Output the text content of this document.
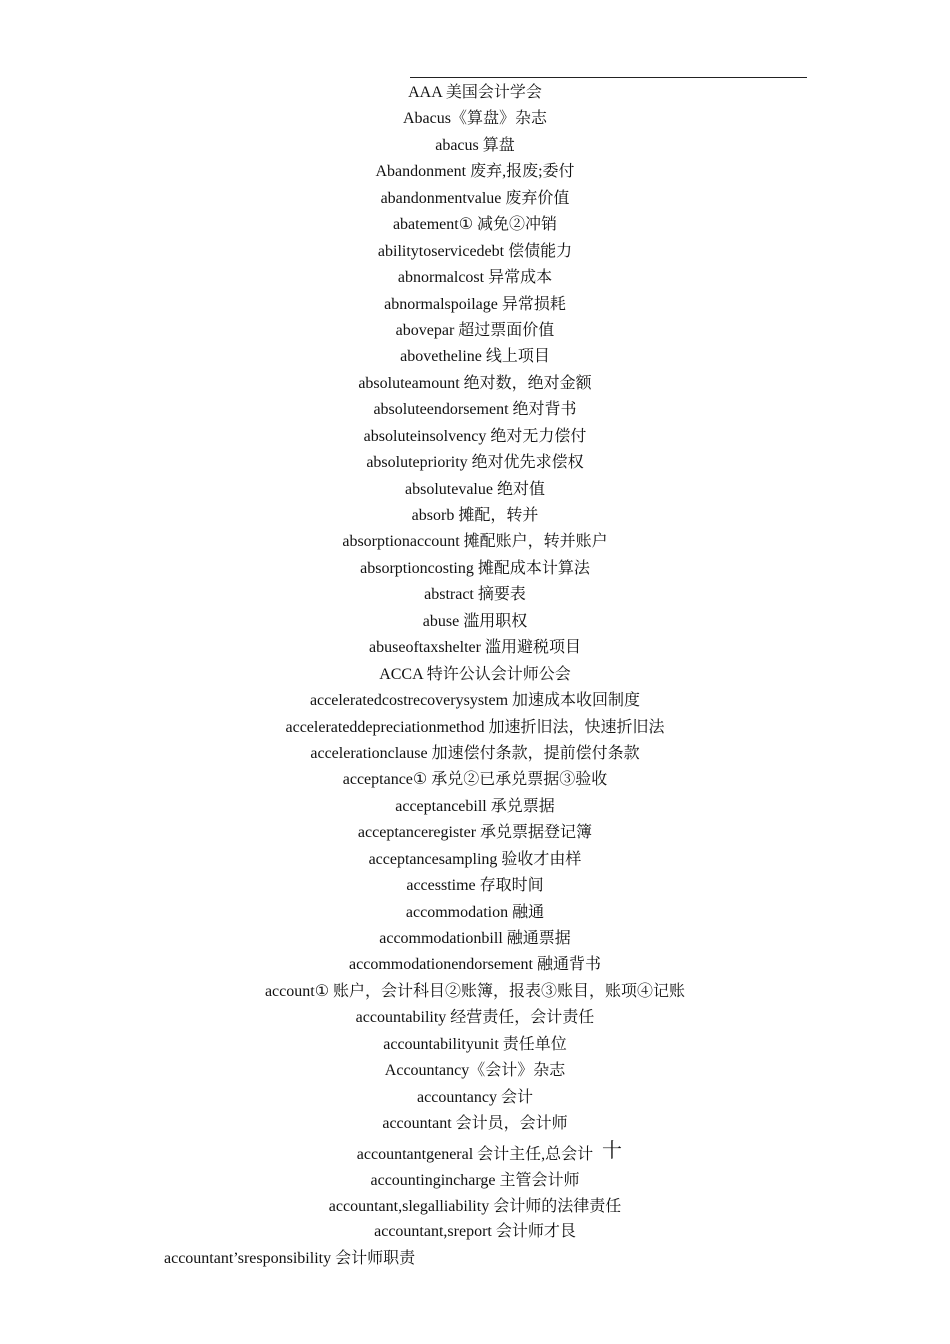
AAA 美国会计学会
Abacus《算盘》杂志
abacus 算盘
Abandonment 废弃,报废;委付
abandonmentvalue 废弃价值
abatement① 减免②冲销
abilitytoservicedebt 偿债能力
abnormalcost 异常成本
abnormalspoilage 异常损耗
abovepar 超过票面价值
abovetheline 线上项目
absoluteamount 绝对数，绝对金额
absoluteendorsement 绝对背书
absoluteinsolvency 绝对无力偿付
absolutepriority 绝对优先求偿权
absolutevalue 绝对值
absorb 摊配，转并
absorptionaccount 摊配账户，转并账户
absorptioncosting 摊配成本计算法
abstract 摘要表
abuse 滥用职权
abuseoftaxshelter 滥用避税项目
ACCA 特许公认会计师公会
acceleratedcostrecoverysystem 加速成本收回制度
accelerateddepreciationmethod 加速折旧法，快速折旧法
accelerationclause 加速偿付条款，提前偿付条款
acceptance① 承兑②已承兑票据③验收
acceptancebill 承兑票据
acceptanceregister 承兑票据登记簿
acceptancesampling 验收才由样
accesstime 存取时间
accommodation 融通
accommodationbill 融通票据
accommodationendorsement 融通背书
account① 账户，会计科目②账簿，报表③账目，账项④记账
accountability 经营责任，会计责任
accountabilityunit 责任单位
Accountancy《会计》杂志
accountancy 会计
accountant 会计员，会计师
accountantgeneral 会计主任,总会计
accountingincharge 主管会计师
accountant,slegalliability 会计师的法律责任
accountant,sreport 会计师才艮
accountant’sresponsibility 会计师职责
十
